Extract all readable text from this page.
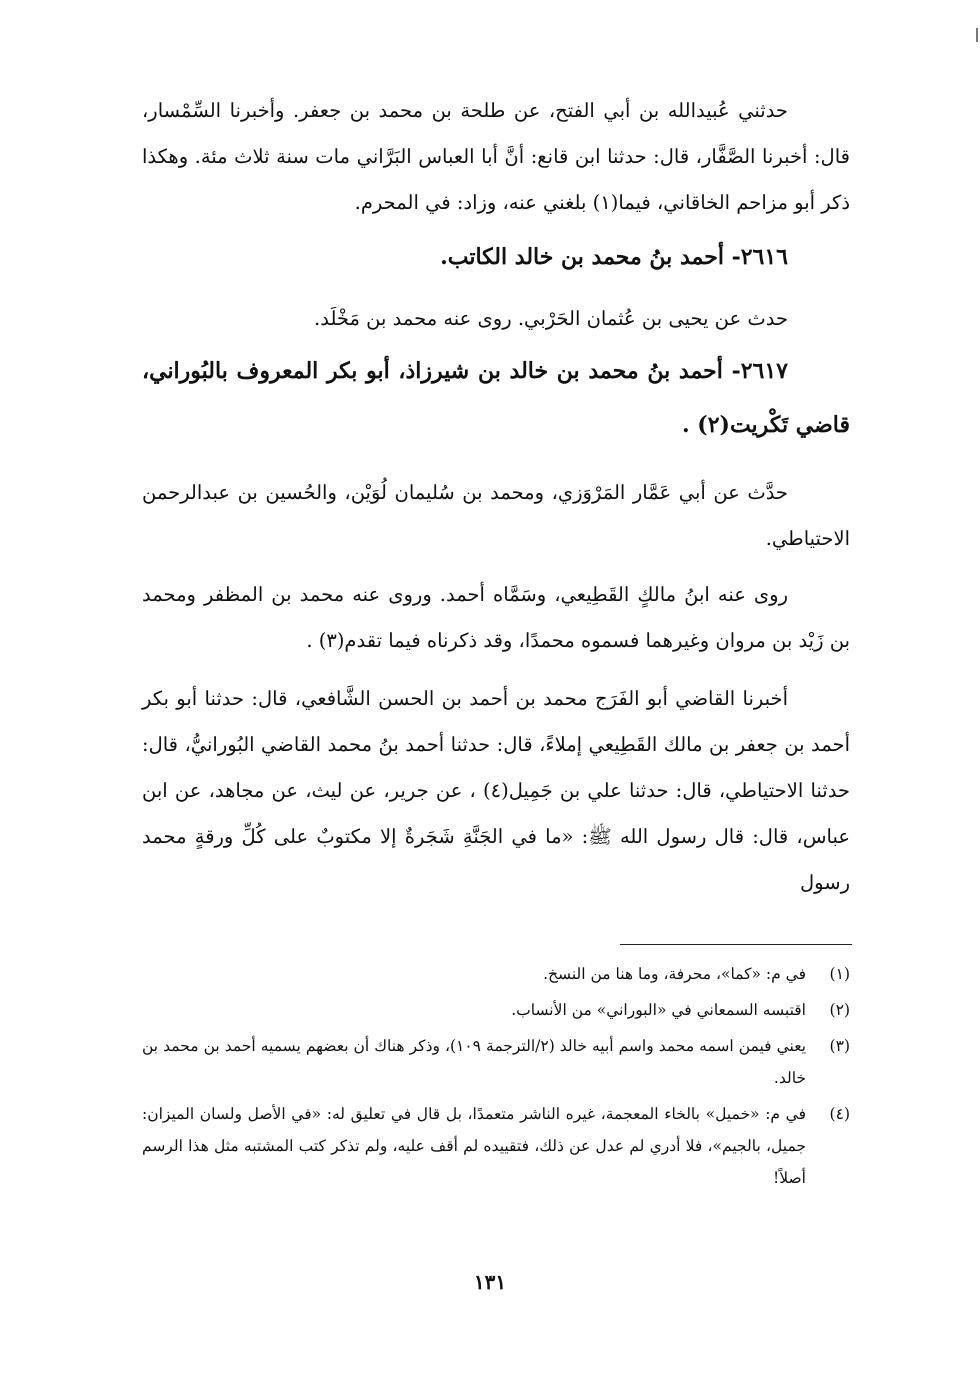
حدثني عُبيدالله بن أبي الفتح، عن طلحة بن محمد بن جعفر. وأخبرنا السِّمْسار، قال: أخبرنا الصَّفَّار، قال: حدثنا ابن قانع: أنَّ أبا العباس البَرَّاني مات سنة ثلاث مئة. وهكذا ذكر أبو مزاحم الخاقاني، فيما(١) بلغني عنه، وزاد: في المحرم.
٢٦١٦- أحمد بنُ محمد بن خالد الكاتب.
حدث عن يحيى بن عُثمان الحَرْبي. روى عنه محمد بن مَخْلَد.
٢٦١٧- أحمد بنُ محمد بن خالد بن شيرزاذ، أبو بكر المعروف بالبُوراني، قاضي تَكْريت(٢) .
حدَّث عن أبي عَمَّار المَرْوَزي، ومحمد بن سُليمان لُوَيْن، والحُسين بن عبدالرحمن الاحتياطي.
روى عنه ابنُ مالكٍ القَطِيعي، وسَمَّاه أحمد. وروى عنه محمد بن المظفر ومحمد بن زَيْد بن مروان وغيرهما فسموه محمدًا، وقد ذكرناه فيما تقدم(٣) .
أخبرنا القاضي أبو الفَرَج محمد بن أحمد بن الحسن الشَّافعي، قال: حدثنا أبو بكر أحمد بن جعفر بن مالك القَطِيعي إملاءً، قال: حدثنا أحمد بنُ محمد القاضي البُورانيُّ، قال: حدثنا الاحتياطي، قال: حدثنا علي بن جَمِيل(٤) ، عن جرير، عن ليث، عن مجاهد، عن ابن عباس، قال: قال رسول الله ﷺ: «ما في الجَنَّةِ شَجَرةٌ إلا مكتوبٌ على كُلِّ ورقةٍ محمد رسول
(١)
في م: «كما»، محرفة، وما هنا من النسخ.
(٢)
اقتبسه السمعاني في «البوراني» من الأنساب.
(٣)
يعني فيمن اسمه محمد واسم أبيه خالد (٢/الترجمة ١٠٩)، وذكر هناك أن بعضهم يسميه أحمد بن محمد بن خالد.
(٤)
في م: «خميل» بالخاء المعجمة، غيره الناشر متعمدًا، بل قال في تعليق له: «في الأصل ولسان الميزان: جميل، بالجيم»، فلا أدري لم عدل عن ذلك، فتقييده لم أقف عليه، ولم تذكر كتب المشتبه مثل هذا الرسم أصلاً!
١٣١
